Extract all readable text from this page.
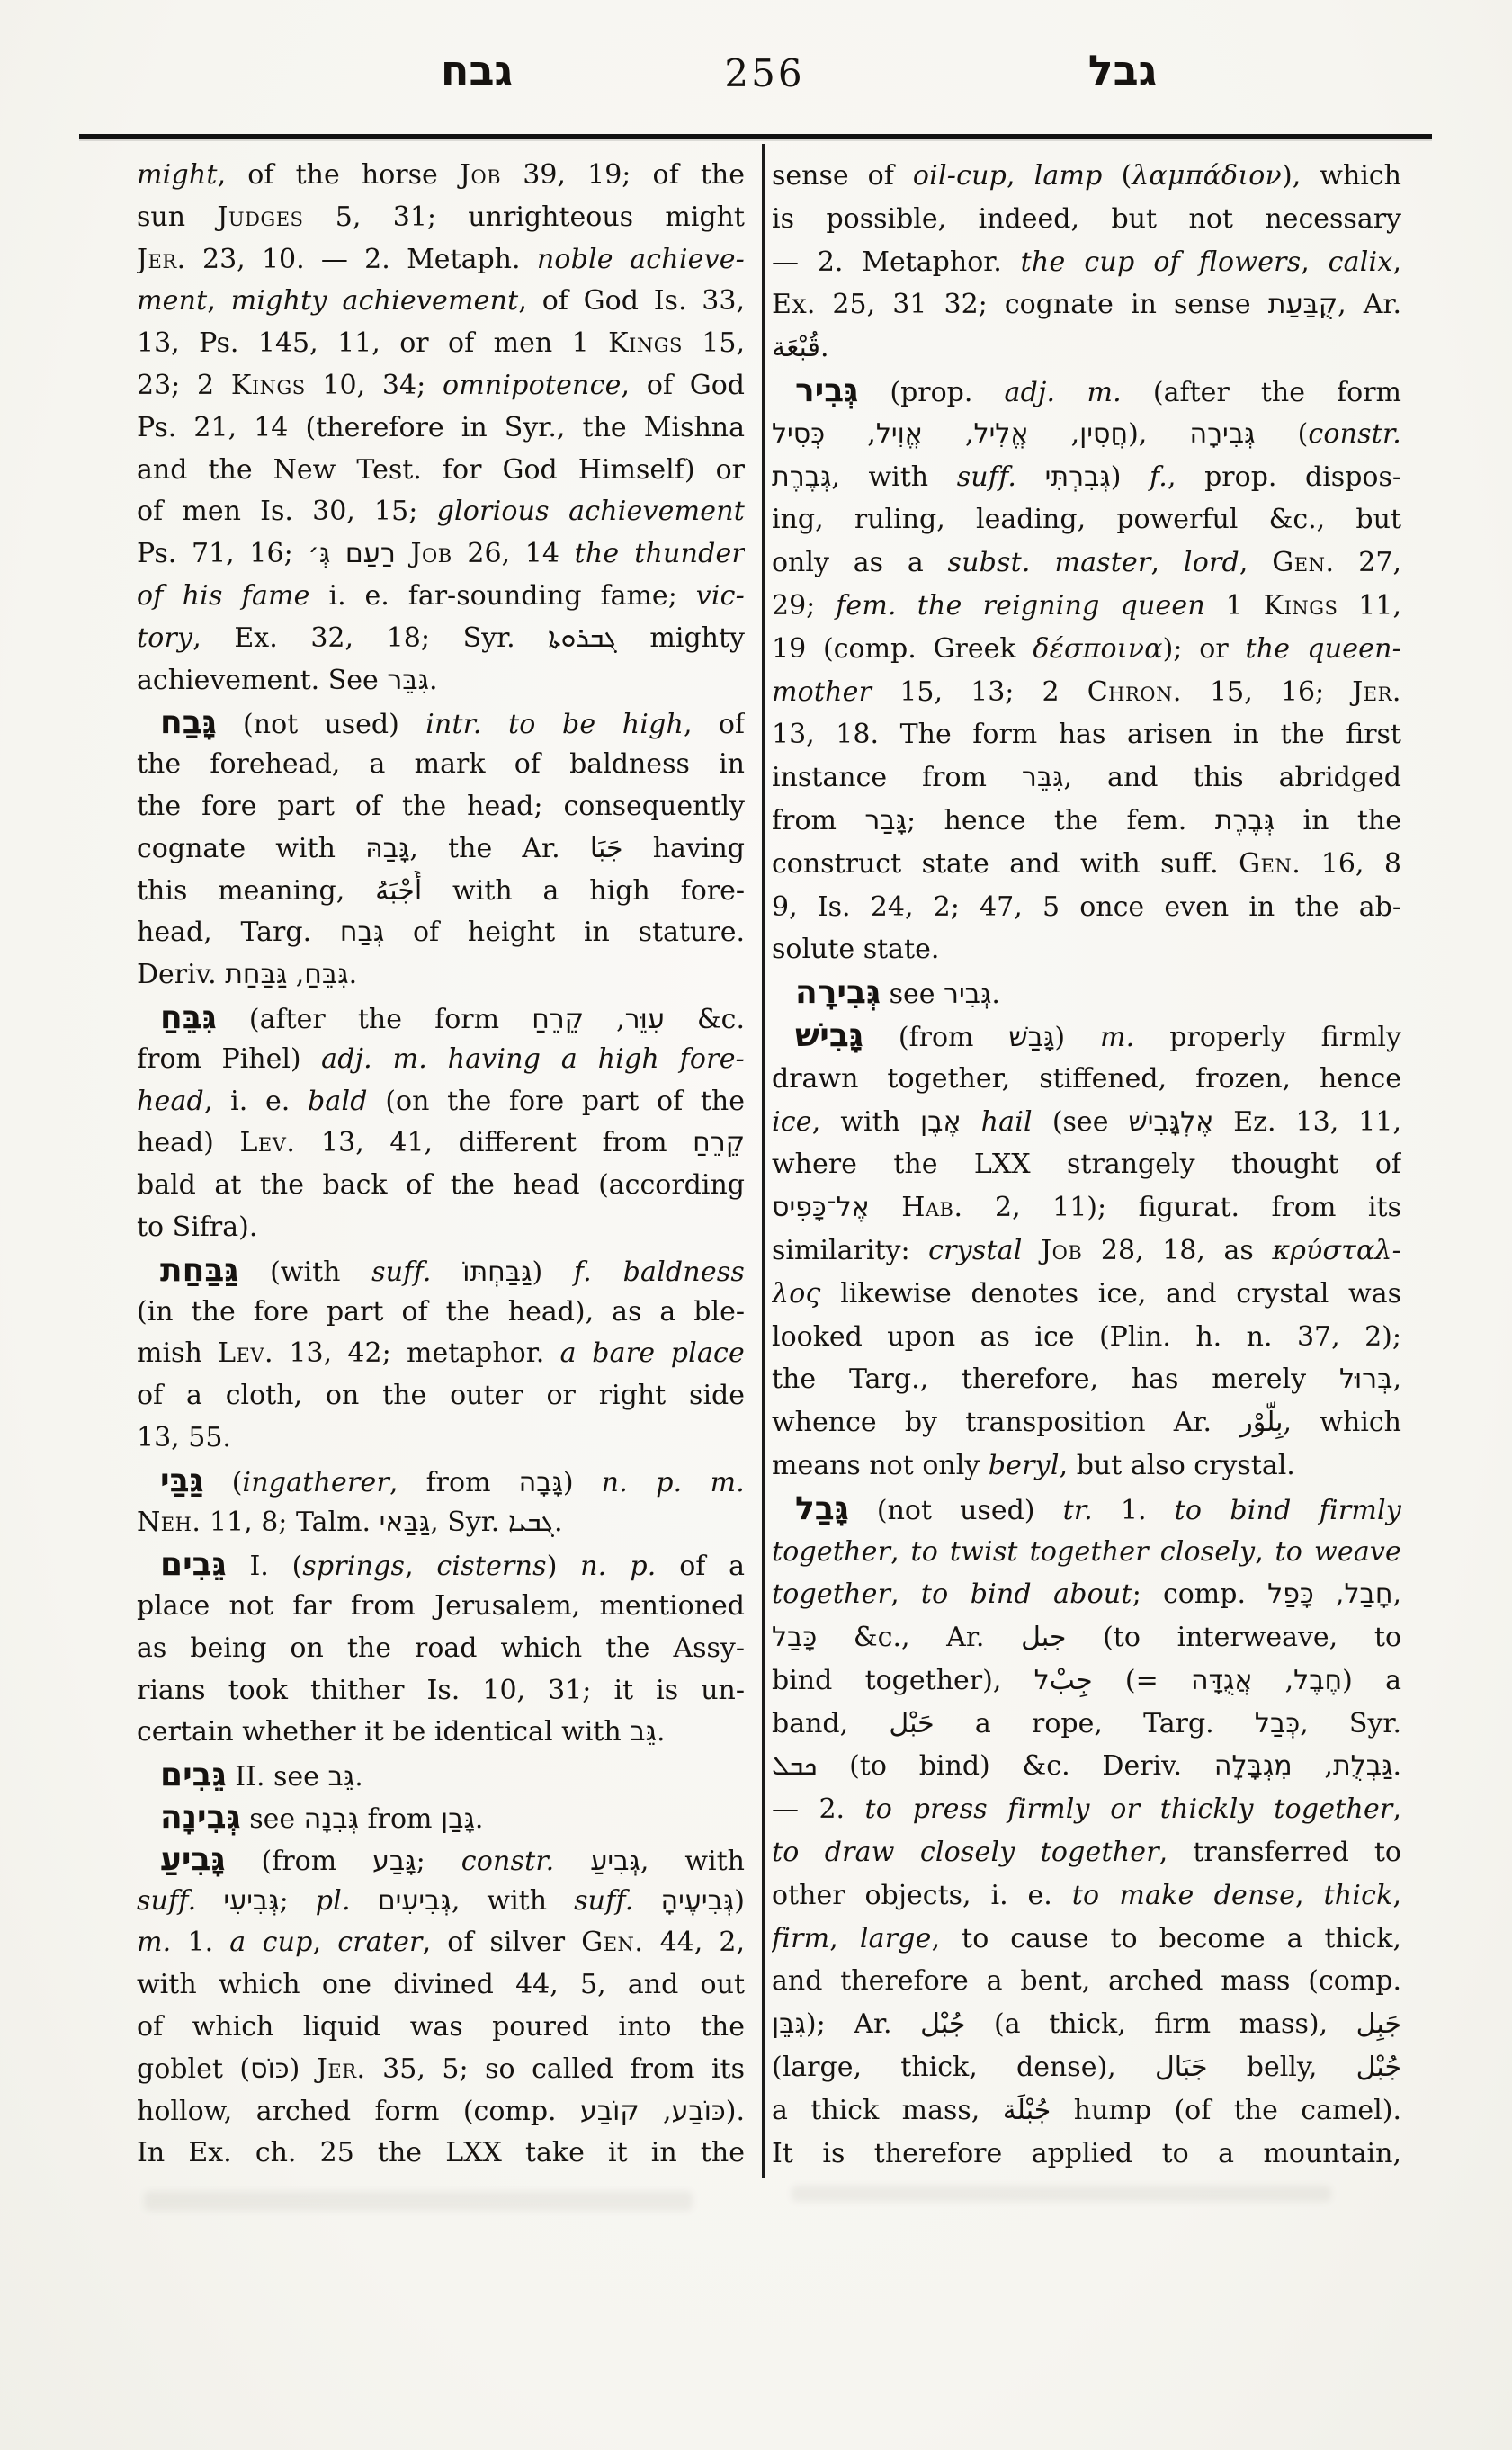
גבח	256	גבל
might, of the horse Job 39, 19; of the
sun Judges 5, 31; unrighteous might
Jer. 23, 10. — 2. Metaph. noble achieve-
ment, mighty achievement, of God Is. 33,
13, Ps. 145, 11, or of men 1 Kings 15,
23; 2 Kings 10, 34; omnipotence, of God
Ps. 21, 14 (therefore in Syr., the Mishna
and the New Test. for God Himself) or
of men Is. 30, 15; glorious achievement
Ps. 71, 16; רַעַם גְּ׳ Job 26, 14 the thunder
of his fame i. e. far-sounding fame; vic-
tory, Ex. 32, 18; Syr. ܓܒܪܘܬܐ mighty
achievement. See גִּבֵּר.
גָּבַח (not used) intr. to be high, of
the forehead, a mark of baldness in
the fore part of the head; consequently
cognate with גָּבַהּ, the Ar. جَبَا having
this meaning, أَجْبَهُ with a high fore-
head, Targ. גְּבַח of height in stature.
Deriv. גִּבֵּחַ, גַּבַּחַת.
גִּבֵּחַ (after the form עִוֵּר, קֵרֵחַ &c.
from Pihel) adj. m. having a high fore-
head, i. e. bald (on the fore part of the
head) Lev. 13, 41, different from קֵרֵחַ
bald at the back of the head (according
to Sifra).
גַּבַּחַת (with suff. גַּבַּחְתּוֹ) f. baldness
(in the fore part of the head), as a ble-
mish Lev. 13, 42; metaphor. a bare place
of a cloth, on the outer or right side
13, 55.
גַּבַּי (ingatherer, from גָּבָה) n. p. m.
Neh. 11, 8; Talm. גַּבַּאי, Syr. ܓܒܝܐ.
גֵּבִים I. (springs, cisterns) n. p. of a
place not far from Jerusalem, mentioned
as being on the road which the Assy-
rians took thither Is. 10, 31; it is un-
certain whether it be identical with גֵּב.
גֵּבִים II. see גֵּב.
גְּבִינָה see גְּבִנָה from גָּבַן.
גָּבִיעַ (from גָּבַע; constr. גְּבִיעַ, with
suff. גְּבִיעִי; pl. גְּבִיעִים, with suff. גְּבִיעֶיהָ)
m. 1. a cup, crater, of silver Gen. 44, 2,
with which one divined 44, 5, and out
of which liquid was poured into the
goblet (כּוֹס) Jer. 35, 5; so called from its
hollow, arched form (comp. כּוֹבַע, קוֹבַע).
In Ex. ch. 25 the LXX take it in the
sense of oil-cup, lamp (λαμπάδιον), which
is possible, indeed, but not necessary
— 2. Metaphor. the cup of flowers, calix,
Ex. 25, 31 32; cognate in sense קֻבַּעַת, Ar.
قُبْعَة.
גְּבִיר (prop. adj. m. (after the form
חֲסִין, אֱלִיל, אֱוִיל, כְּסִיל), גְּבִירָה (constr.
גְּבֶרֶת, with suff. גְּבִרְתִּי) f., prop. dispos-
ing, ruling, leading, powerful &c., but
only as a subst. master, lord, Gen. 27,
29; fem. the reigning queen 1 Kings 11,
19 (comp. Greek δέσποινα); or the queen-
mother 15, 13; 2 Chron. 15, 16; Jer.
13, 18. The form has arisen in the first
instance from גִּבֵּר, and this abridged
from גָּבַר; hence the fem. גְּבֶרֶת in the
construct state and with suff. Gen. 16, 8
9, Is. 24, 2; 47, 5 once even in the ab-
solute state.
גְּבִירָה see גְּבִיר.
גָּבִישׁ (from גָּבַשׁ) m. properly firmly
drawn together, stiffened, frozen, hence
ice, with אֶבֶן hail (see אֶלְגָּבִישׁ Ez. 13, 11,
where the LXX strangely thought of
אֶל־כָּפִיס Hab. 2, 11); figurat. from its
similarity: crystal Job 28, 18, as κρύσταλ-
λος likewise denotes ice, and crystal was
looked upon as ice (Plin. h. n. 37, 2);
the Targ., therefore, has merely בְּרוּל,
whence by transposition Ar. بِلَّوْر, which
means not only beryl, but also crystal.
גָּבַל (not used) tr. 1. to bind firmly
together, to twist together closely, to weave
together, to bind about; comp. חָבַל, כָּפַל,
כָּבַל &c., Ar. جبل (to interweave, to
bind together), جِبْל (= חֶבֶל, אֲגֻדָּה) a
band, حَبْل a rope, Targ. כְּבַל, Syr.
ܟܒܠ (to bind) &c. Deriv. גַּבְלֻת, מִגְבָּלָה.
— 2. to press firmly or thickly together,
to draw closely together, transferred to
other objects, i. e. to make dense, thick,
firm, large, to cause to become a thick,
and therefore a bent, arched mass (comp.
גִּבֵּן); Ar. جُبْل (a thick, firm mass), جَبِل
(large, thick, dense), جَبَال belly, جُبْل
a thick mass, جُبْلَة hump (of the camel).
It is therefore applied to a mountain,
